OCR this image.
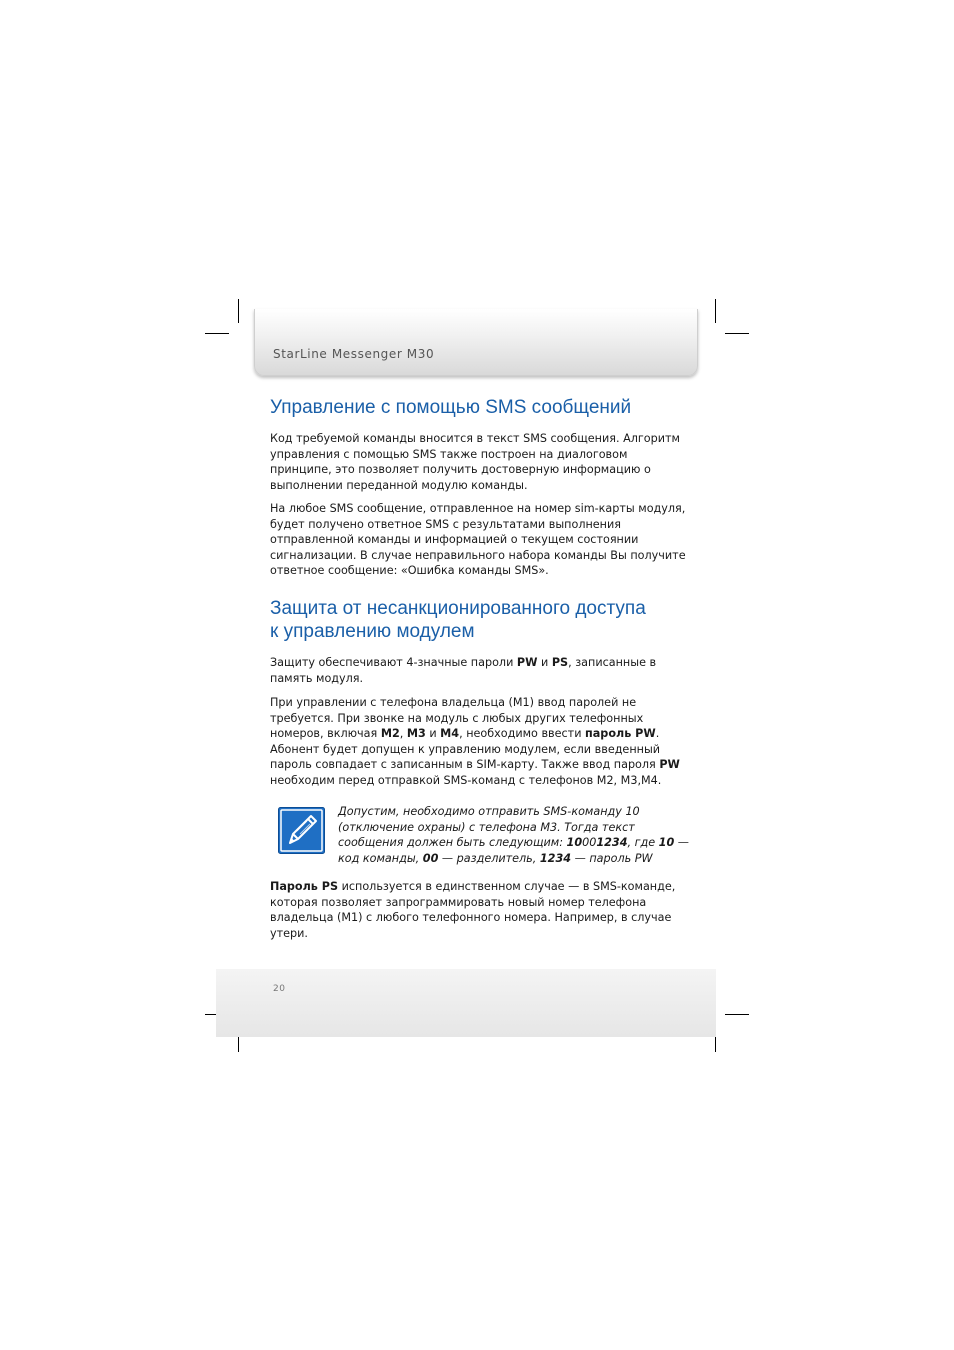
StarLine Messenger M30
Управление с помощью SMS сообщений

Код требуемой команды вносится в текст SMS сообщения. Алгоритм управления с помощью SMS также построен на диалоговом принципе, это позволяет получить достоверную информацию о выполнении переданной модулю команды.

На любое SMS сообщение, отправленное на номер sim-карты модуля, будет получено ответное SMS с результатами выполнения отправленной команды и информацией о текущем состоянии сигнализации. В случае неправильного набора команды Вы получите ответное сообщение: «Ошибка команды SMS».

Защита от несанкционированного доступа
к управлению модулем

Защиту обеспечивают 4-значные пароли PW и PS, записанные в память модуля.

При управлении с телефона владельца (М1) ввод паролей не требуется. При звонке на модуль с любых других телефонных номеров, включая М2, М3 и М4, необходимо ввести пароль PW. Абонент будет допущен к управлению модулем, если введенный пароль совпадает с записанным в SIM-карту. Также ввод пароля PW необходим перед отправкой SMS-команд с телефонов М2, М3,М4.

Допустим, необходимо отправить SMS-команду 10 (отключение охраны) с телефона М3. Тогда текст сообщения должен быть следующим: 10001234, где 10 — код команды, 00 — разделитель, 1234 — пароль PW

Пароль PS используется в единственном случае — в SMS-команде, которая позволяет запрограммировать новый номер телефона владельца (М1) с любого телефонного номера. Например, в случае утери.

20
